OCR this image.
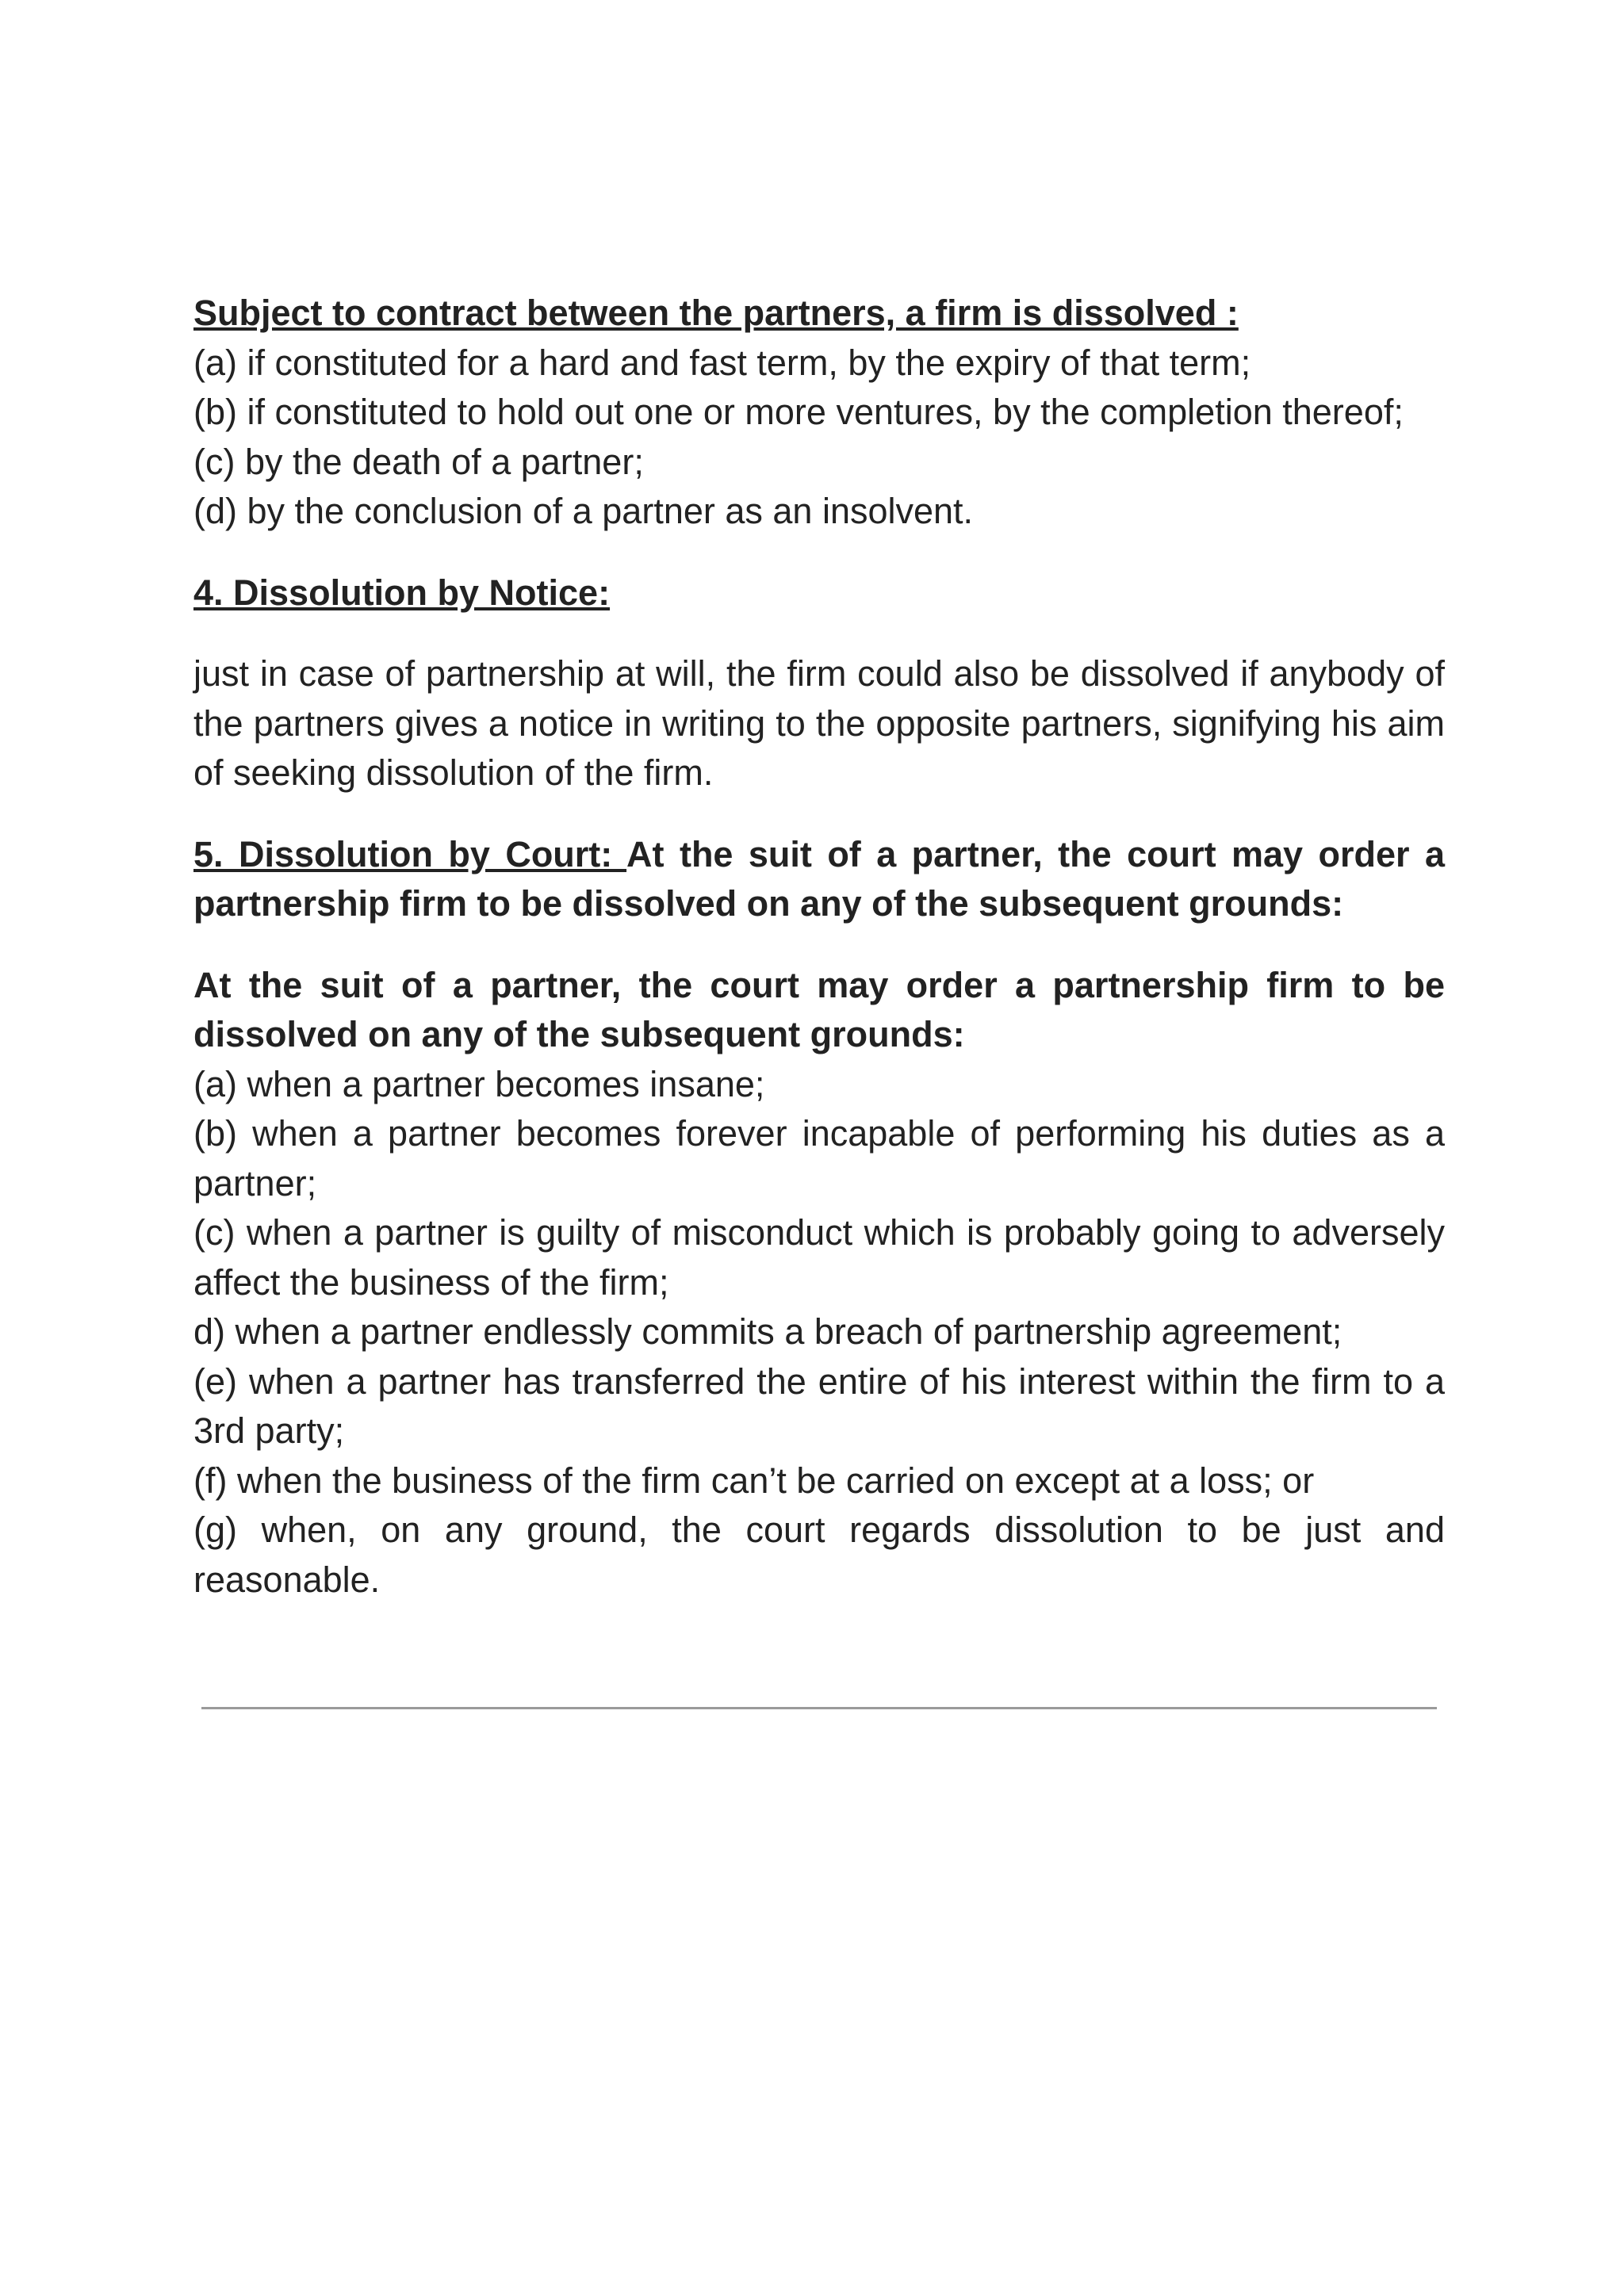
Subject to contract between the partners, a firm is dissolved :

(a) if constituted for a hard and fast term, by the expiry of that term;

(b) if constituted to hold out one or more ventures, by the completion thereof;

(c) by the death of a partner;

(d) by the conclusion of a partner as an insolvent.

4. Dissolution by Notice:

just in case of partnership at will, the firm could also be dissolved if anybody of the partners gives a notice in writing to the opposite partners, signifying his aim of seeking dissolution of the firm.

5. Dissolution by Court: At the suit of a partner, the court may order a partnership firm to be dissolved on any of the subsequent grounds:

At the suit of a partner, the court may order a partnership firm to be dissolved on any of the subsequent grounds:

(a) when a partner becomes insane;

(b) when a partner becomes forever incapable of performing his duties as a partner;

(c) when a partner is guilty of misconduct which is probably going to adversely affect the business of the firm;

d) when a partner endlessly commits a breach of partnership agreement;

(e) when a partner has transferred the entire of his interest within the firm to a 3rd party;

(f) when the business of the firm can’t be carried on except at a loss; or

(g) when, on any ground, the court regards dissolution to be just and reasonable.
